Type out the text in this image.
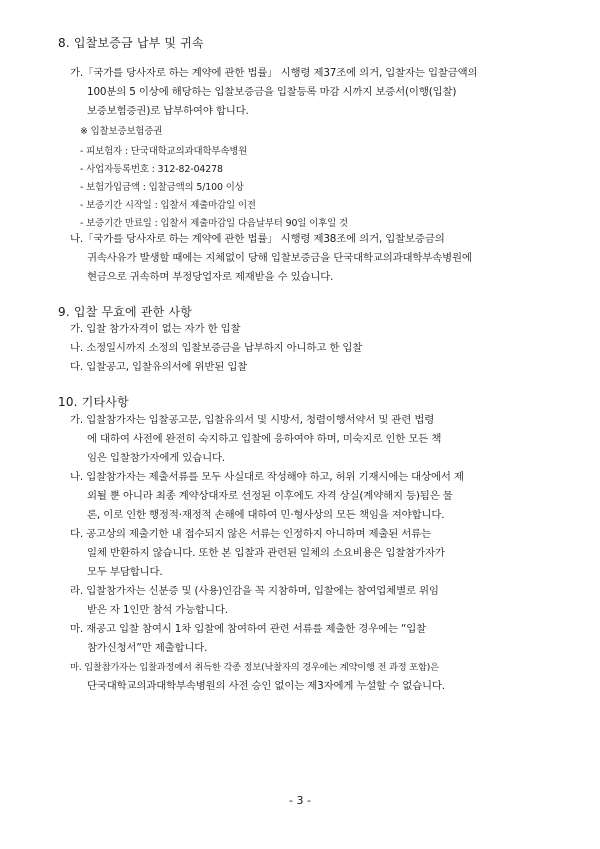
8. 입찰보증금 납부 및 귀속
가.「국가를 당사자로 하는 계약에 관한 법률」 시행령 제37조에 의거, 입찰자는 입찰금액의
100분의 5 이상에 해당하는 입찰보증금을 입찰등록 마감 시까지 보증서(이행(입찰)
보증보험증권)로 납부하여야 합니다.
※ 입찰보증보험증권
- 피보험자 : 단국대학교의과대학부속병원
- 사업자등록번호 : 312-82-04278
- 보험가입금액 : 입찰금액의 5/100 이상
- 보증기간 시작일 : 입찰서 제출마감일 이전
- 보증기간 만료일 : 입찰서 제출마감일 다음날부터 90일 이후일 것
나.「국가를 당사자로 하는 계약에 관한 법률」 시행령 제38조에 의거, 입찰보증금의
귀속사유가 발생할 때에는 지체없이 당해 입찰보증금을 단국대학교의과대학부속병원에
현금으로 귀속하며 부정당업자로 제재받을 수 있습니다.
9. 입찰 무효에 관한 사항
가. 입찰 참가자격이 없는 자가 한 입찰
나. 소정일시까지 소정의 입찰보증금을 납부하지 아니하고 한 입찰
다. 입찰공고, 입찰유의서에 위반된 입찰
10. 기타사항
가. 입찰참가자는 입찰공고문, 입찰유의서 및 시방서, 청렴이행서약서 및 관련 법령
에 대하여 사전에 완전히 숙지하고 입찰에 응하여야 하며, 미숙지로 인한 모든 책
임은 입찰참가자에게 있습니다.
나. 입찰참가자는 제출서류를 모두 사실대로 작성해야 하고, 허위 기재시에는 대상에서 제
외될 뿐 아니라 최종 계약상대자로 선정된 이후에도 자격 상실(계약해지 등)됨은 물
론, 이로 인한 행정적·재정적 손해에 대하여 민·형사상의 모든 책임을 져야합니다.
다. 공고상의 제출기한 내 접수되지 않은 서류는 인정하지 아니하며 제출된 서류는
일체 반환하지 않습니다. 또한 본 입찰과 관련된 일체의 소요비용은 입찰참가자가
모두 부담합니다.
라. 입찰참가자는 신분증 및 (사용)인감을 꼭 지참하며, 입찰에는 참여업체별로 위임
받은 자 1인만 참석 가능합니다.
마. 재공고 입찰 참여시 1차 입찰에 참여하여 관련 서류를 제출한 경우에는 “입찰
참가신청서”만 제출합니다.
마. 입찰참가자는 입찰과정에서 취득한 각종 정보(낙찰자의 경우에는 계약이행 전 과정 포함)은
단국대학교의과대학부속병원의 사전 승인 없이는 제3자에게 누설할 수 없습니다.
- 3 -
